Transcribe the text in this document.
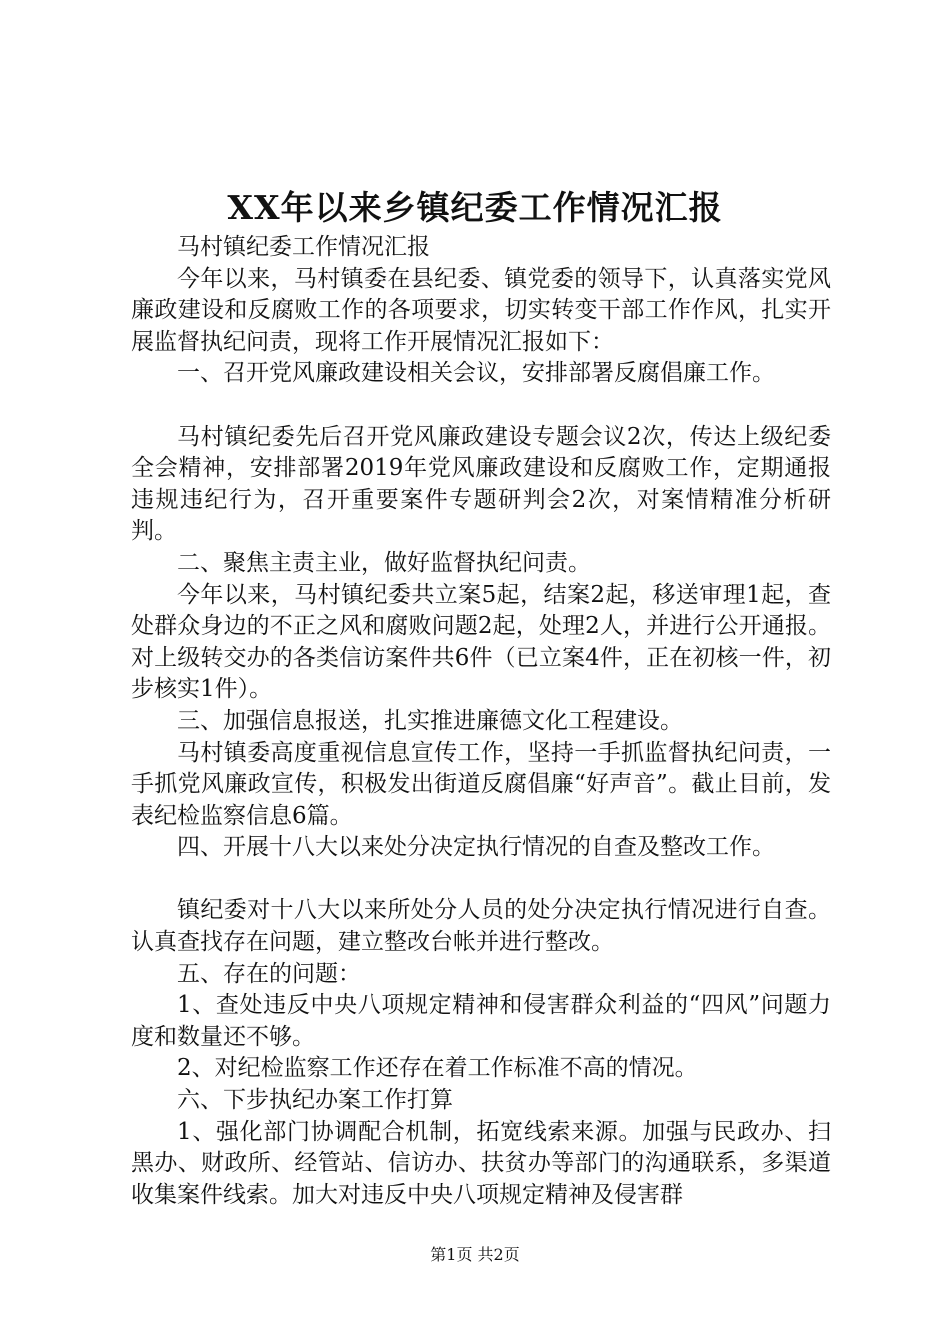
XX年以来乡镇纪委工作情况汇报

马村镇纪委工作情况汇报

今年以来，马村镇委在县纪委、镇党委的领导下，认真落实党风廉政建设和反腐败工作的各项要求，切实转变干部工作作风，扎实开展监督执纪问责，现将工作开展情况汇报如下：

一、召开党风廉政建设相关会议，安排部署反腐倡廉工作。

马村镇纪委先后召开党风廉政建设专题会议2次，传达上级纪委全会精神，安排部署2019年党风廉政建设和反腐败工作，定期通报违规违纪行为，召开重要案件专题研判会2次，对案情精准分析研判。

二、聚焦主责主业，做好监督执纪问责。

今年以来，马村镇纪委共立案5起，结案2起，移送审理1起，查处群众身边的不正之风和腐败问题2起，处理2人，并进行公开通报。对上级转交办的各类信访案件共6件（已立案4件，正在初核一件，初步核实1件）。

三、加强信息报送，扎实推进廉德文化工程建设。

马村镇委高度重视信息宣传工作，坚持一手抓监督执纪问责，一手抓党风廉政宣传，积极发出街道反腐倡廉“好声音”。截止目前，发表纪检监察信息6篇。

四、开展十八大以来处分决定执行情况的自查及整改工作。

镇纪委对十八大以来所处分人员的处分决定执行情况进行自查。认真查找存在问题，建立整改台帐并进行整改。

五、存在的问题：

1、查处违反中央八项规定精神和侵害群众利益的“四风”问题力度和数量还不够。

2、对纪检监察工作还存在着工作标准不高的情况。

六、下步执纪办案工作打算

1、强化部门协调配合机制，拓宽线索来源。加强与民政办、扫黑办、财政所、经管站、信访办、扶贫办等部门的沟通联系，多渠道收集案件线索。加大对违反中央八项规定精神及侵害群

第1页 共2页
